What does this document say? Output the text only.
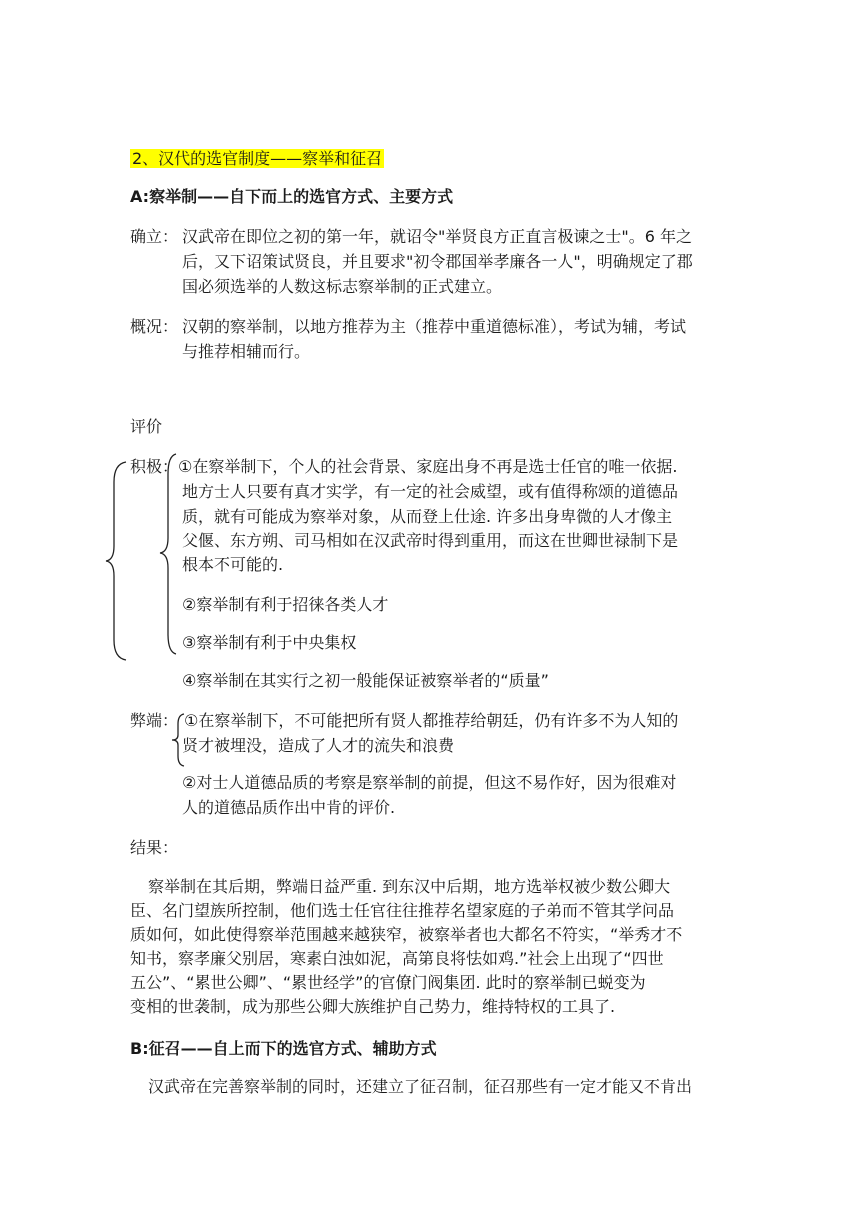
2、汉代的选官制度——察举和征召
A:察举制——自下而上的选官方式、主要方式
确立： 汉武帝在即位之初的第一年，就诏令"举贤良方正直言极谏之士"。6 年之
后，又下诏策试贤良，并且要求"初令郡国举孝廉各一人"，明确规定了郡
国必须选举的人数这标志察举制的正式建立。
概况： 汉朝的察举制，以地方推荐为主（推荐中重道德标准），考试为辅，考试
与推荐相辅而行。
评价
积极： ①在察举制下，个人的社会背景、家庭出身不再是选士任官的唯一依据.
地方士人只要有真才实学，有一定的社会威望，或有值得称颂的道德品
质，就有可能成为察举对象，从而登上仕途. 许多出身卑微的人才像主
父偃、东方朔、司马相如在汉武帝时得到重用，而这在世卿世禄制下是
根本不可能的.
②察举制有利于招徕各类人才
③察举制有利于中央集权
④察举制在其实行之初一般能保证被察举者的“质量”
弊端： ①在察举制下，不可能把所有贤人都推荐给朝廷，仍有许多不为人知的
贤才被埋没，造成了人才的流失和浪费
②对士人道德品质的考察是察举制的前提，但这不易作好，因为很难对
人的道德品质作出中肯的评价.
结果：
察举制在其后期，弊端日益严重. 到东汉中后期，地方选举权被少数公卿大
臣、名门望族所控制，他们选士任官往往推荐名望家庭的子弟而不管其学问品
质如何，如此使得察举范围越来越狭窄，被察举者也大都名不符实，“举秀才不
知书，察孝廉父别居，寒素白浊如泥，高第良将怯如鸡.”社会上出现了“四世
五公”、“累世公卿”、“累世经学”的官僚门阀集团. 此时的察举制已蜕变为
变相的世袭制，成为那些公卿大族维护自己势力，维持特权的工具了.
B:征召——自上而下的选官方式、辅助方式
汉武帝在完善察举制的同时，还建立了征召制，征召那些有一定才能又不肯出
